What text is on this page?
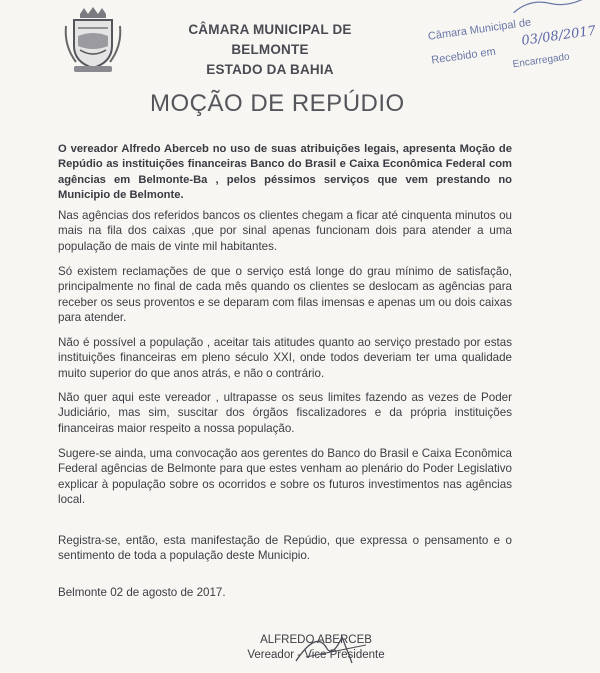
CÂMARA MUNICIPAL DE BELMONTE
ESTADO DA BAHIA
Câmara Municipal de
Recebido em
03/08/2017
Encarregado
MOÇÃO DE REPÚDIO
O vereador Alfredo Aberceb no uso de suas atribuições legais, apresenta Moção de Repúdio as instituições financeiras Banco do Brasil e Caixa Econômica Federal com agências em Belmonte-Ba , pelos péssimos serviços que vem prestando no Municipio de Belmonte.
Nas agências dos referidos bancos os clientes chegam a ficar até cinquenta minutos ou mais na fila dos caixas ,que por sinal apenas funcionam dois para atender a uma população de mais de vinte mil habitantes.
Só existem reclamações de que o serviço está longe do grau mínimo de satisfação, principalmente no final de cada mês quando os clientes se deslocam as agências para receber os seus proventos e se deparam com filas imensas e apenas um ou dois caixas para atender.
Não é possível a população , aceitar tais atitudes quanto ao serviço prestado por estas instituições financeiras em pleno século XXI, onde todos deveriam ter uma qualidade muito superior do que anos atrás, e não o contrário.
Não quer aqui este vereador , ultrapasse os seus limites fazendo as vezes de Poder Judiciário, mas sim, suscitar dos órgãos fiscalizadores e da própria instituições financeiras maior respeito a nossa população.
Sugere-se ainda, uma convocação aos gerentes do Banco do Brasil e Caixa Econômica Federal agências de Belmonte para que estes venham ao plenário do Poder Legislativo explicar à população sobre os ocorridos e sobre os futuros investimentos nas agências local.
Registra-se, então, esta manifestação de Repúdio, que expressa o pensamento e o sentimento de toda a população deste Municipio.
Belmonte 02 de agosto de 2017.
ALFREDO ABERCEB
Vereador - Vice Presidente
